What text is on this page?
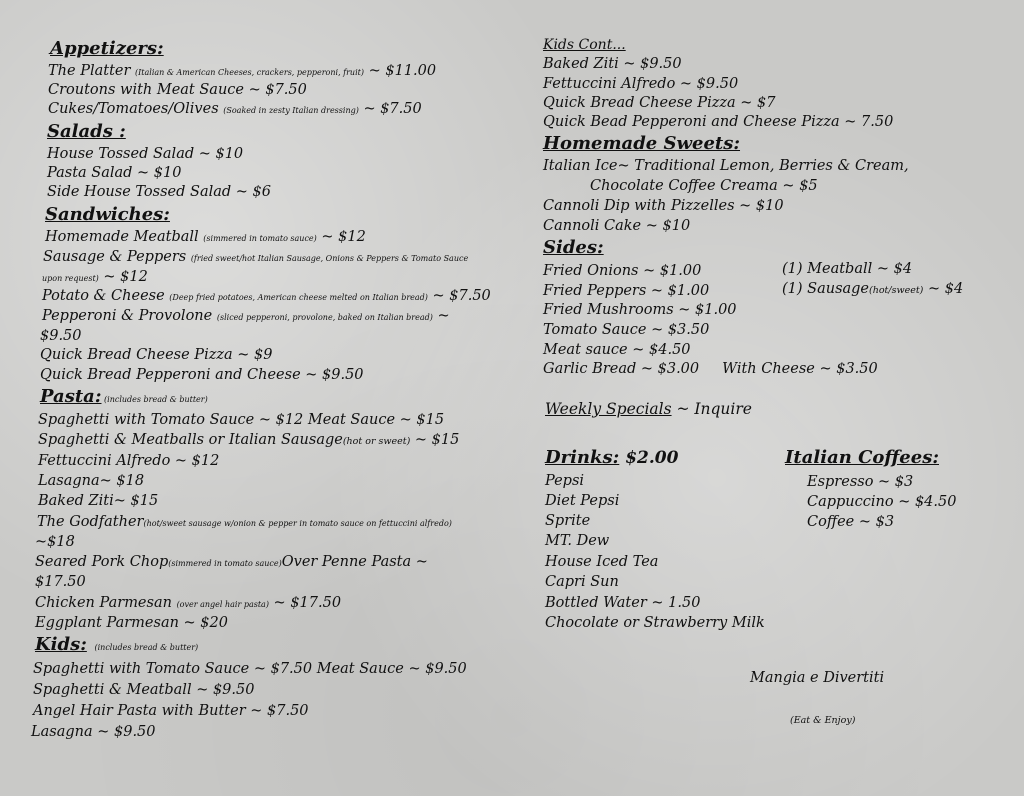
Appetizers:
The Platter (Italian & American Cheeses, crackers, pepperoni, fruit) ~ $11.00
Croutons with Meat Sauce ~ $7.50
Cukes/Tomatoes/Olives (Soaked in zesty Italian dressing) ~ $7.50
Salads :
House Tossed Salad ~ $10
Pasta Salad ~ $10
Side House Tossed Salad ~ $6
Sandwiches:
Homemade Meatball (simmered in tomato sauce) ~ $12
Sausage & Peppers (fried sweet/hot Italian Sausage, Onions & Peppers & Tomato Sauce
upon request) ~ $12
Potato & Cheese (Deep fried potatoes, American cheese melted on Italian bread) ~ $7.50
Pepperoni & Provolone (sliced pepperoni, provolone, baked on Italian bread) ~
$9.50
Quick Bread Cheese Pizza ~ $9
Quick Bread Pepperoni and Cheese ~ $9.50
Pasta: (includes bread & butter)
Spaghetti with Tomato Sauce ~ $12 Meat Sauce ~ $15
Spaghetti & Meatballs or Italian Sausage(hot or sweet) ~ $15
Fettuccini Alfredo ~ $12
Lasagna~ $18
Baked Ziti~ $15
The Godfather(hot/sweet sausage w/onion & pepper in tomato sauce on fettuccini alfredo)
~$18
Seared Pork Chop(simmered in tomato sauce)Over Penne Pasta ~
$17.50
Chicken Parmesan (over angel hair pasta) ~ $17.50
Eggplant Parmesan ~ $20
Kids:   (includes bread & butter)
Spaghetti with Tomato Sauce ~ $7.50 Meat Sauce ~ $9.50
Spaghetti & Meatball ~ $9.50
Angel Hair Pasta with Butter ~ $7.50
Lasagna ~ $9.50
Kids Cont...
Baked Ziti ~ $9.50
Fettuccini Alfredo ~ $9.50
Quick Bread Cheese Pizza ~ $7
Quick Bead Pepperoni and Cheese Pizza ~ 7.50
Homemade Sweets:
Italian Ice~ Traditional Lemon, Berries & Cream,
Chocolate Coffee Creama ~ $5
Cannoli Dip with Pizzelles ~ $10
Cannoli Cake ~ $10
Sides:
Fried Onions ~ $1.00
Fried Peppers ~ $1.00
Fried Mushrooms ~ $1.00
Tomato Sauce ~ $3.50
Meat sauce ~ $4.50
Garlic Bread ~ $3.00     With Cheese ~ $3.50
(1) Meatball ~ $4
(1) Sausage(hot/sweet) ~ $4
Weekly Specials ~ Inquire
Drinks: $2.00
Pepsi
Diet Pepsi
Sprite
MT. Dew
House Iced Tea
Capri Sun
Bottled Water ~ 1.50
Chocolate or Strawberry Milk
Italian Coffees:
Espresso ~ $3
Cappuccino ~ $4.50
Coffee ~ $3
Mangia e Divertiti
(Eat & Enjoy)
